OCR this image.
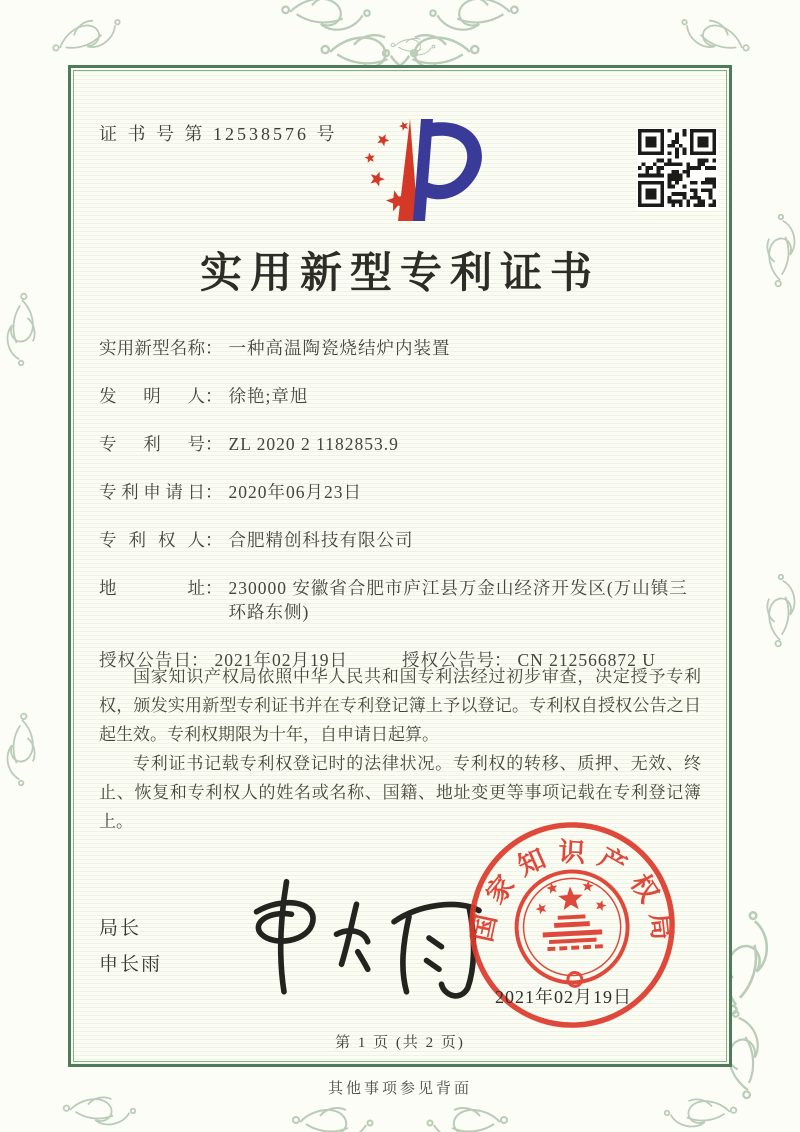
证 书 号 第 12538576 号
实用新型专利证书
实用新型名称 ： 一种高温陶瓷烧结炉内装置
发明人 ： 徐艳;章旭
专利号 ： ZL 2020 2 1182853.9
专利申请日 ： 2020年06月23日
专利权人 ： 合肥精创科技有限公司
地址 ： 230000 安徽省合肥市庐江县万金山经济开发区(万山镇三环路东侧)
授权公告日 ： 2021年02月19日	授权公告号 ： CN 212566872 U

国家知识产权局依照中华人民共和国专利法经过初步审查，决定授予专利权，颁发实用新型专利证书并在专利登记簿上予以登记。专利权自授权公告之日起生效。专利权期限为十年，自申请日起算。

专利证书记载专利权登记时的法律状况。专利权的转移、质押、无效、终止、恢复和专利权人的姓名或名称、国籍、地址变更等事项记载在专利登记簿上。

局长
申长雨
国家知识产权局
2021年02月19日
第 1 页 (共 2 页)
其他事项参见背面
